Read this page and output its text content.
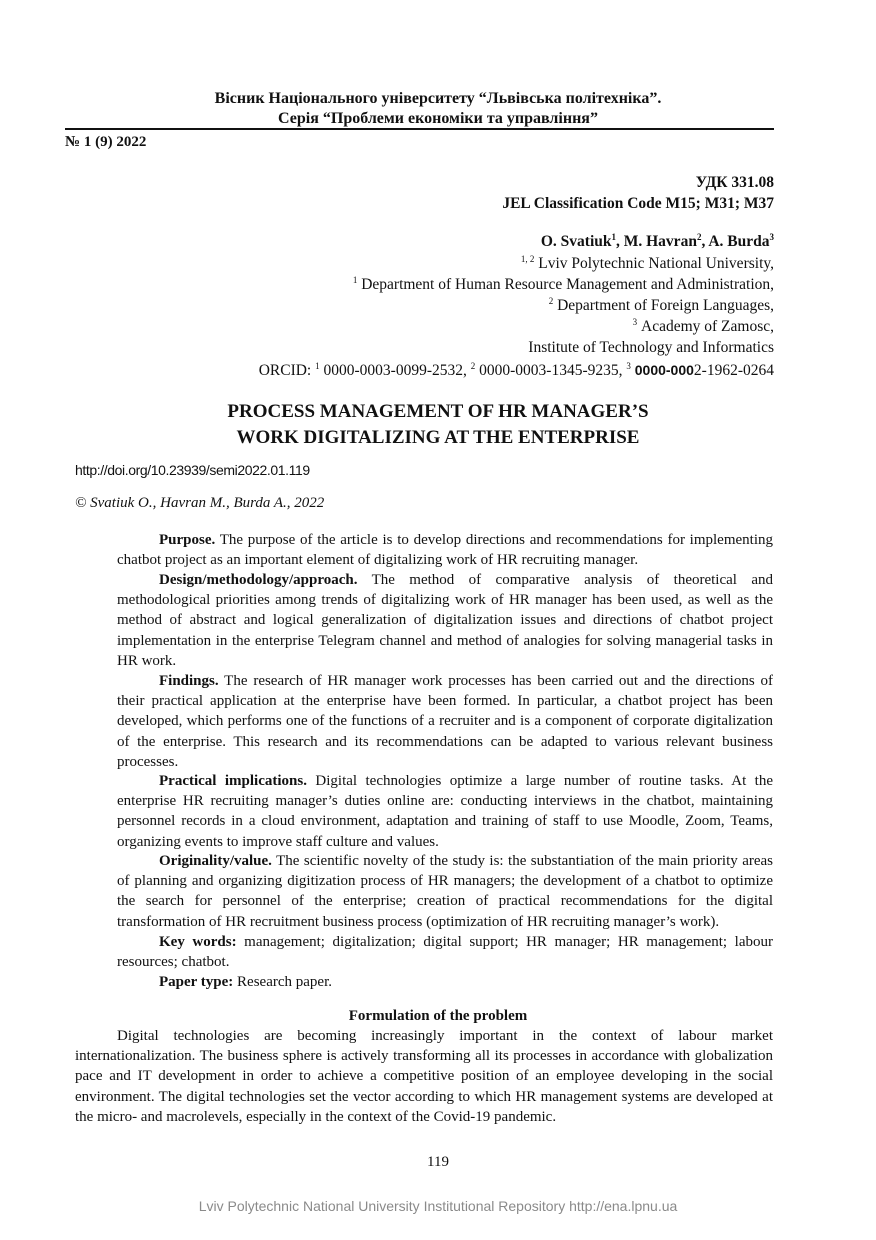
Вісник Національного університету “Львівська політехніка”.
Серія “Проблеми економіки та управління”
№ 1 (9) 2022
УДК 331.08
JEL Classification Code M15; M31; M37
O. Svatiuk$^1$, M. Havran$^2$, A. Burda$^3$
$^{1, 2}$ Lviv Polytechnic National University,
$^1$ Department of Human Resource Management and Administration,
$^2$ Department of Foreign Languages,
$^3$ Academy of Zamosc,
Institute of Technology and Informatics
ORCID: $^1$ 0000-0003-0099-2532, $^2$ 0000-0003-1345-9235, $^3$ 0000-0002-1962-0264
PROCESS MANAGEMENT OF HR MANAGER’S
WORK DIGITALIZING AT THE ENTERPRISE
http://doi.org/10.23939/semi2022.01.119
© Svatiuk O., Havran M., Burda A., 2022

Purpose. The purpose of the article is to develop directions and recommendations for implementing chatbot project as an important element of digitalizing work of HR recruiting manager.

Design/methodology/approach. The method of comparative analysis of theoretical and methodological priorities among trends of digitalizing work of HR manager has been used, as well as the method of abstract and logical generalization of digitalization issues and directions of chatbot project implementation in the enterprise Telegram channel and method of analogies for solving managerial tasks in HR work.

Findings. The research of HR manager work processes has been carried out and the directions of their practical application at the enterprise have been formed. In particular, a chatbot project has been developed, which performs one of the functions of a recruiter and is a component of corporate digitalization of the enterprise. This research and its recommendations can be adapted to various relevant business processes.

Practical implications. Digital technologies optimize a large number of routine tasks. At the enterprise HR recruiting manager’s duties online are: conducting interviews in the chatbot, maintaining personnel records in a cloud environment, adaptation and training of staff to use Moodle, Zoom, Teams, organizing events to improve staff culture and values.

Originality/value. The scientific novelty of the study is: the substantiation of the main priority areas of planning and organizing digitization process of HR managers; the development of a chatbot to optimize the search for personnel of the enterprise; creation of practical recommendations for the digital transformation of HR recruitment business process (optimization of HR recruiting manager’s work).

Key words: management; digitalization; digital support; HR manager; HR management; labour resources; chatbot.

Paper type: Research paper.

Formulation of the problem

Digital technologies are becoming increasingly important in the context of labour market internationalization. The business sphere is actively transforming all its processes in accordance with globalization pace and IT development in order to achieve a competitive position of an employee developing in the social environment. The digital technologies set the vector according to which HR management systems are developed at the micro- and macrolevels, especially in the context of the Covid-19 pandemic.

119
Lviv Polytechnic National University Institutional Repository http://ena.lpnu.ua
